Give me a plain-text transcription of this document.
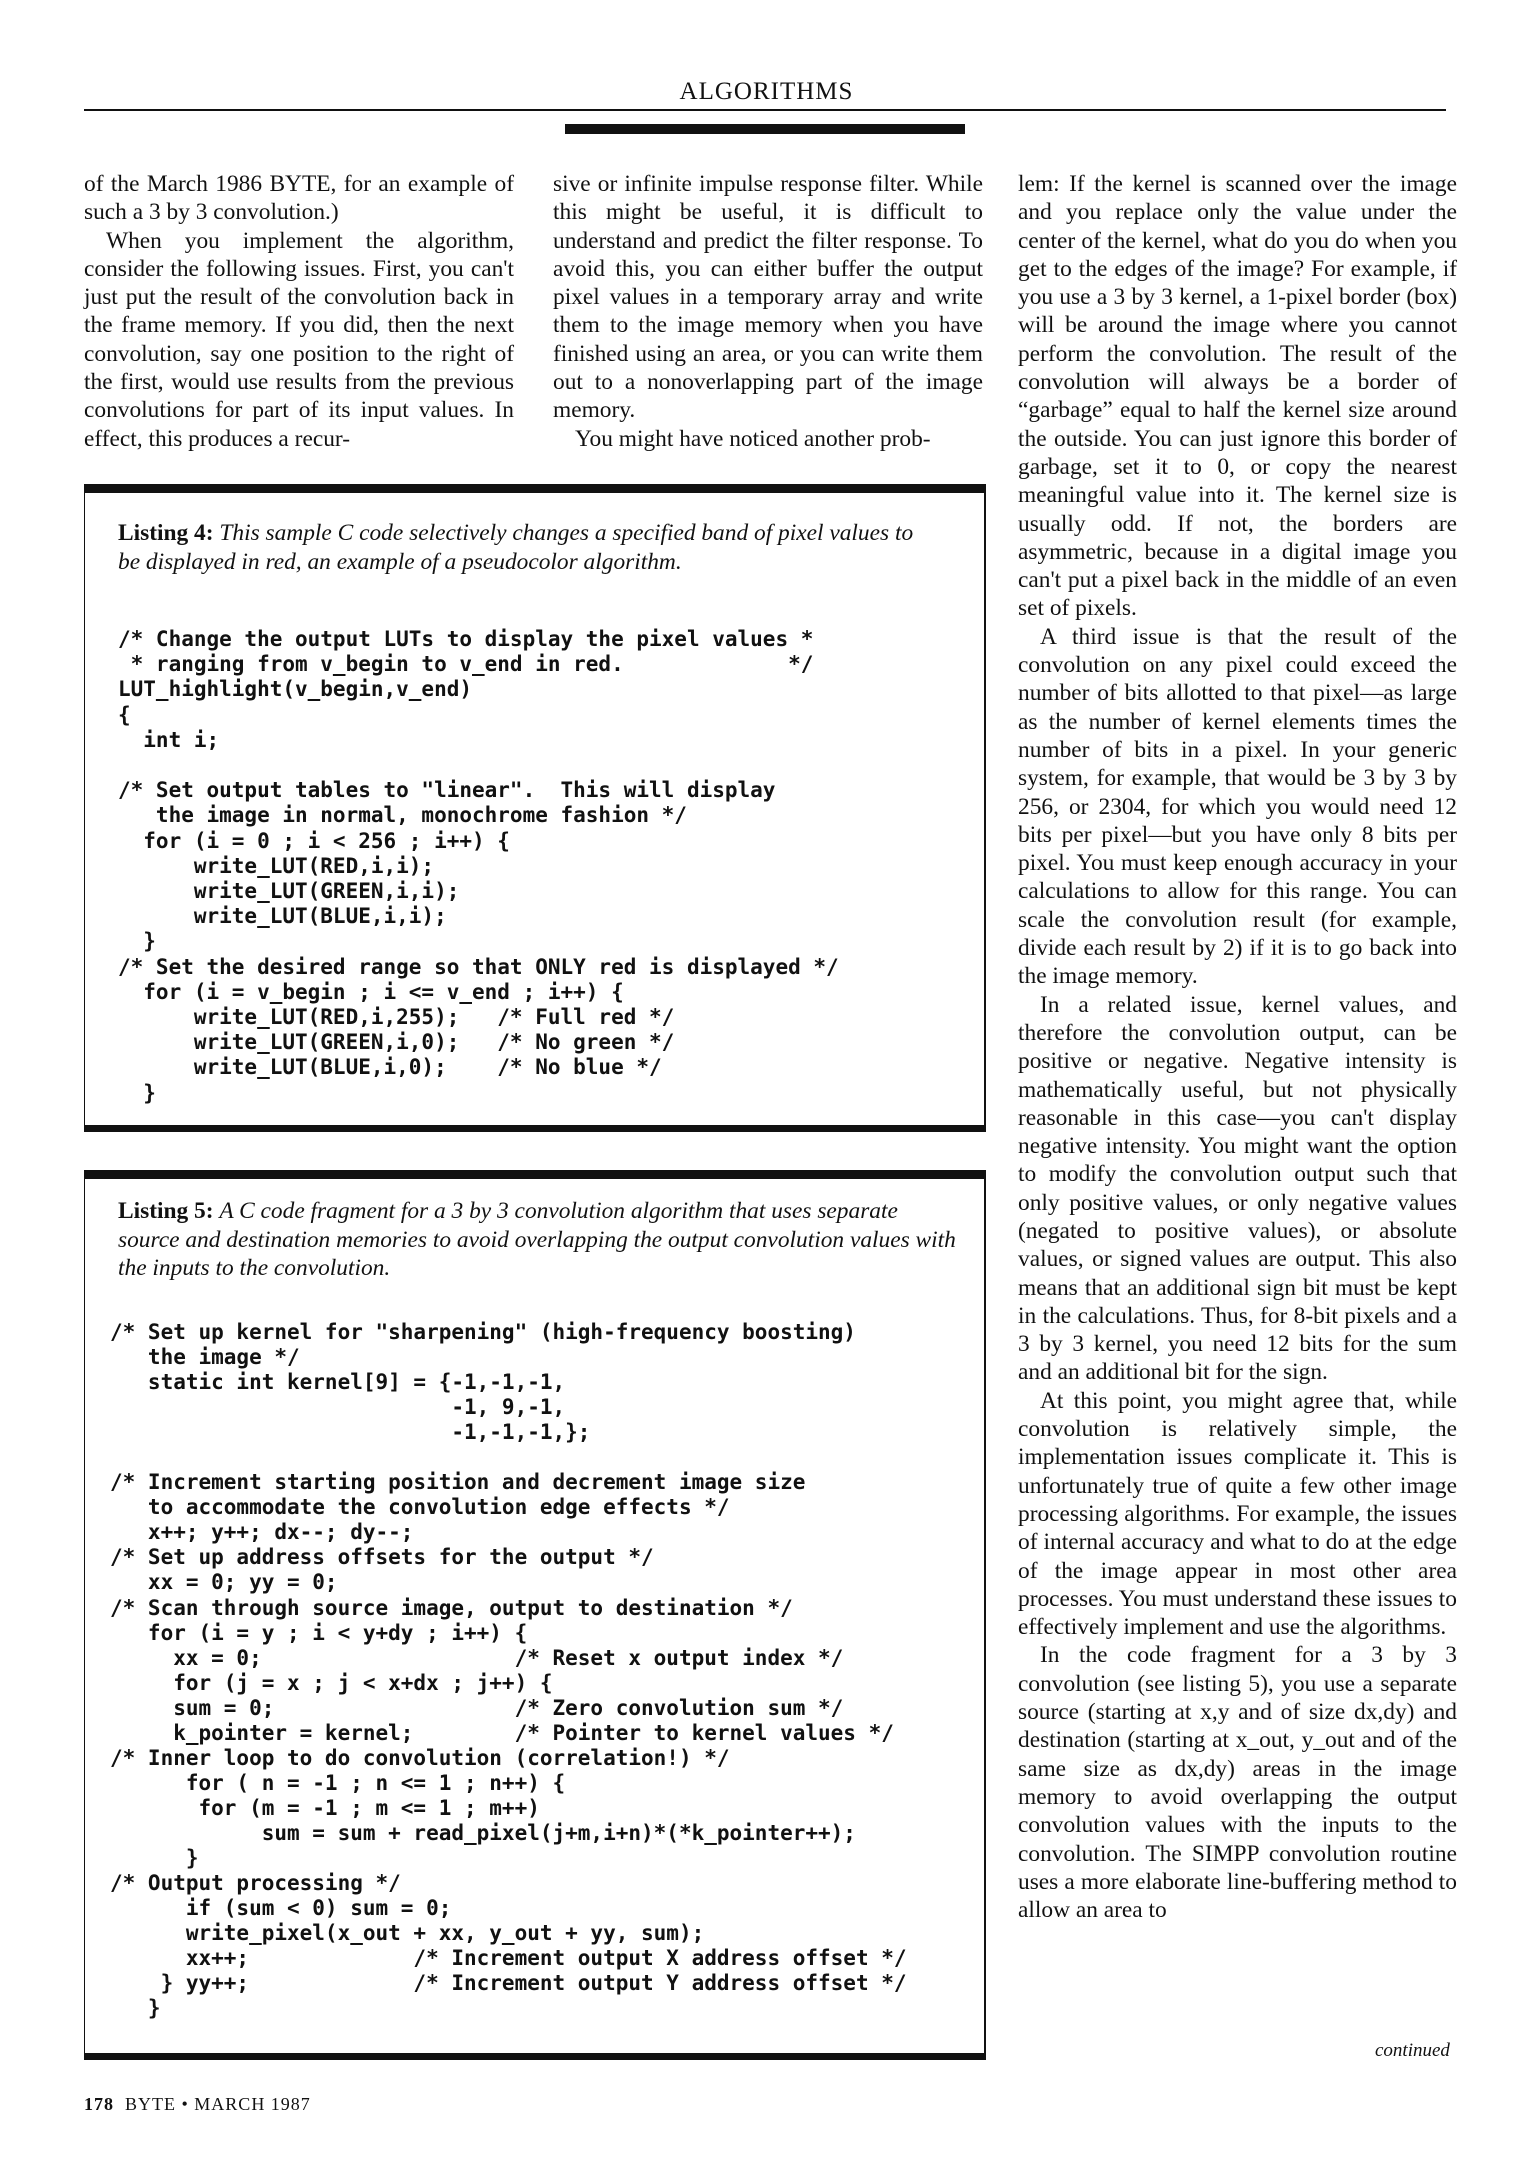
ALGORITHMS

of the March 1986 BYTE, for an example of such a 3 by 3 convolution.)

When you implement the algorithm, consider the following issues. First, you can't just put the result of the convolution back in the frame memory. If you did, then the next convolution, say one position to the right of the first, would use results from the previous convolutions for part of its input values. In effect, this produces a recur-

sive or infinite impulse response filter. While this might be useful, it is difficult to understand and predict the filter response. To avoid this, you can either buffer the output pixel values in a temporary array and write them to the image memory when you have finished using an area, or you can write them out to a nonoverlapping part of the image memory.

You might have noticed another prob-

lem: If the kernel is scanned over the image and you replace only the value under the center of the kernel, what do you do when you get to the edges of the image? For example, if you use a 3 by 3 kernel, a 1-pixel border (box) will be around the image where you cannot perform the convolution. The result of the convolution will always be a border of “garbage” equal to half the kernel size around the outside. You can just ignore this border of garbage, set it to 0, or copy the nearest meaningful value into it. The kernel size is usually odd. If not, the borders are asymmetric, because in a digital image you can't put a pixel back in the middle of an even set of pixels.

A third issue is that the result of the convolution on any pixel could exceed the number of bits allotted to that pixel—as large as the number of kernel elements times the number of bits in a pixel. In your generic system, for example, that would be 3 by 3 by 256, or 2304, for which you would need 12 bits per pixel—but you have only 8 bits per pixel. You must keep enough accuracy in your calculations to allow for this range. You can scale the convolution result (for example, divide each result by 2) if it is to go back into the image memory.

In a related issue, kernel values, and therefore the convolution output, can be positive or negative. Negative intensity is mathematically useful, but not physically reasonable in this case—you can't display negative intensity. You might want the option to modify the convolution output such that only positive values, or only negative values (negated to positive values), or absolute values, or signed values are output. This also means that an additional sign bit must be kept in the calculations. Thus, for 8-bit pixels and a 3 by 3 kernel, you need 12 bits for the sum and an additional bit for the sign.

At this point, you might agree that, while convolution is relatively simple, the implementation issues complicate it. This is unfortunately true of quite a few other image processing algorithms. For example, the issues of internal accuracy and what to do at the edge of the image appear in most other area processes. You must understand these issues to effectively implement and use the algorithms.

In the code fragment for a 3 by 3 convolution (see listing 5), you use a separate source (starting at x,y and of size dx,dy) and destination (starting at x_out, y_out and of the same size as dx,dy) areas in the image memory to avoid overlapping the output convolution values with the inputs to the convolution. The SIMPP convolution routine uses a more elaborate line-buffering method to allow an area to

Listing 4: This sample C code selectively changes a specified band of pixel values to be displayed in red, an example of a pseudocolor algorithm.
/* Change the output LUTs to display the pixel values *
* ranging from v_begin to v_end in red.             */
LUT_highlight(v_begin,v_end)
{
int i;

/* Set output tables to "linear".  This will display
the image in normal, monochrome fashion */
for (i = 0 ; i < 256 ; i++) {
write_LUT(RED,i,i);
write_LUT(GREEN,i,i);
write_LUT(BLUE,i,i);
}
/* Set the desired range so that ONLY red is displayed */
for (i = v_begin ; i <= v_end ; i++) {
write_LUT(RED,i,255);   /* Full red */
write_LUT(GREEN,i,0);   /* No green */
write_LUT(BLUE,i,0);    /* No blue */
}
Listing 5: A C code fragment for a 3 by 3 convolution algorithm that uses separate source and destination memories to avoid overlapping the output convolution values with the inputs to the convolution.
/* Set up kernel for "sharpening" (high-frequency boosting)
the image */
static int kernel[9] = {-1,-1,-1,
-1, 9,-1,
-1,-1,-1,};

/* Increment starting position and decrement image size
to accommodate the convolution edge effects */
x++; y++; dx--; dy--;
/* Set up address offsets for the output */
xx = 0; yy = 0;
/* Scan through source image, output to destination */
for (i = y ; i < y+dy ; i++) {
xx = 0;                    /* Reset x output index */
for (j = x ; j < x+dx ; j++) {
sum = 0;                   /* Zero convolution sum */
k_pointer = kernel;        /* Pointer to kernel values */
/* Inner loop to do convolution (correlation!) */
for ( n = -1 ; n <= 1 ; n++) {
for (m = -1 ; m <= 1 ; m++)
sum = sum + read_pixel(j+m,i+n)*(*k_pointer++);
}
/* Output processing */
if (sum < 0) sum = 0;
write_pixel(x_out + xx, y_out + yy, sum);
xx++;             /* Increment output X address offset */
} yy++;             /* Increment output Y address offset */
}
continued
178 BYTE • MARCH 1987
